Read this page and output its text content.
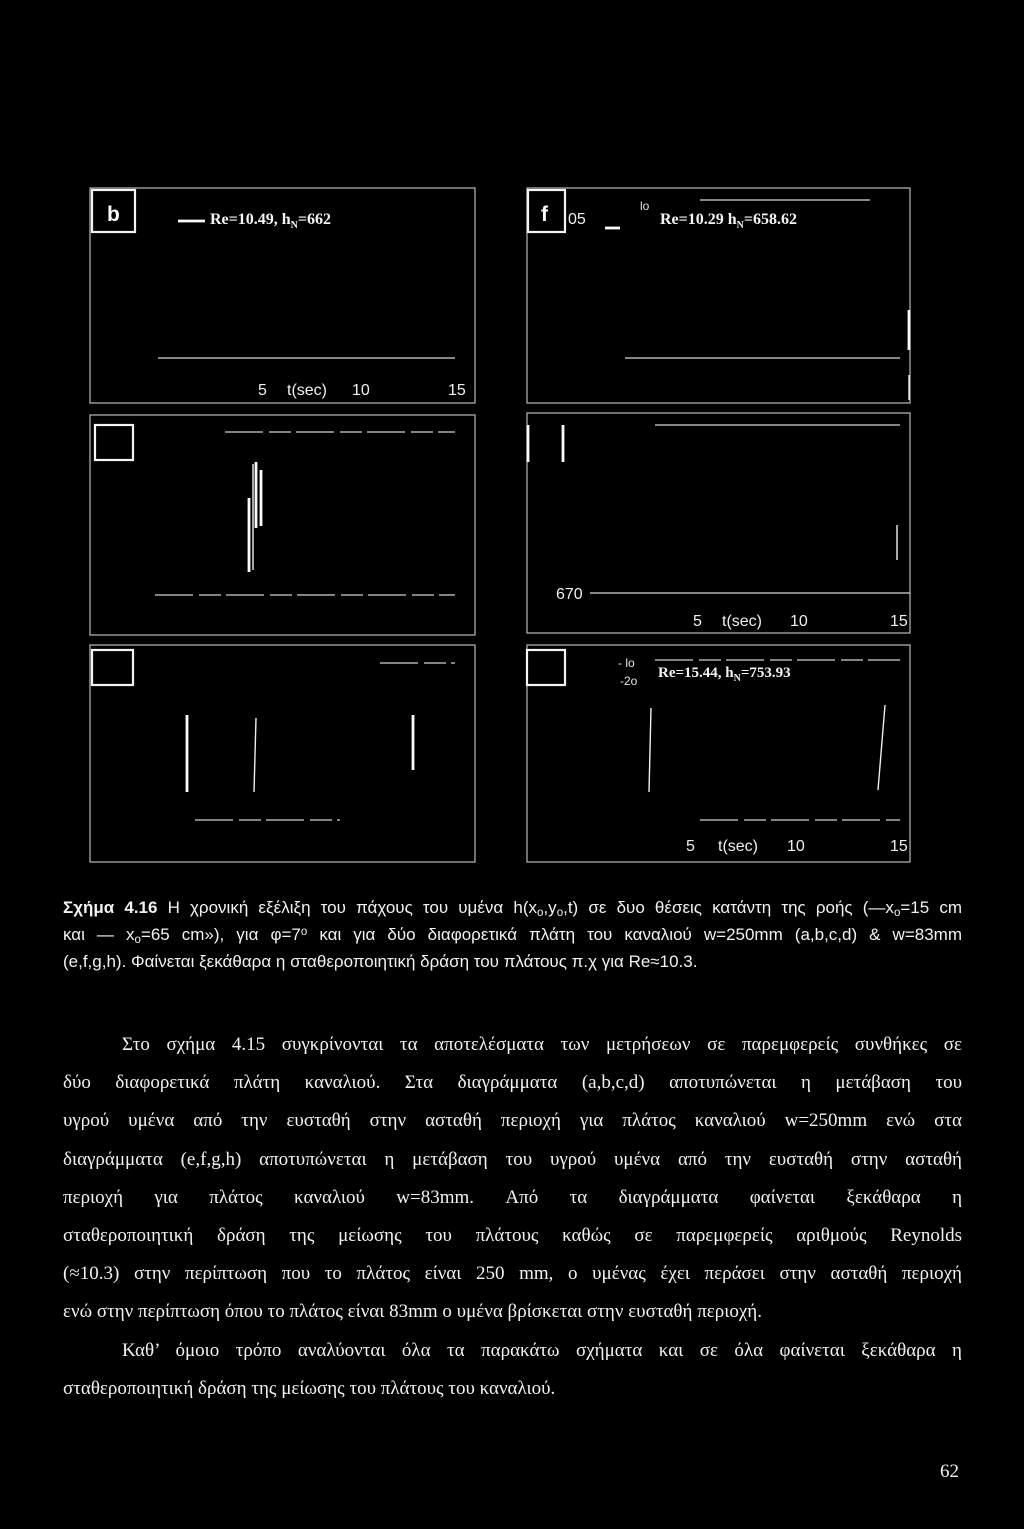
b	Re=10.49, $h_N=662$
5 t(sec) 10	15
f 05
lo
Re=10.29 $h_N=658.62$
670
5 t(sec) 10	15
- lo
-2o Re=15.44, $h_N=753.93$
5 t(sec) 10	15
Σχήμα 4.16 Η χρονική εξέλιξη του πάχους του υμένα h(xo,yo,t) σε δυο θέσεις κατάντη της ροής (—xo=15 cm
και — xo=65 cm»), για $\varphi=7^o$ και για δύο διαφορετικά πλάτη του καναλιού w=250mm (a,b,c,d) & w=83mm
(e,f,g,h). Φαίνεται ξεκάθαρα η σταθεροποιητική δράση του πλάτους π.χ για Re≈10.3.
Στο σχήμα 4.15 συγκρίνονται τα αποτελέσματα των μετρήσεων σε παρεμφερείς συνθήκες σε
δύο διαφορετικά πλάτη καναλιού. Στα διαγράμματα (a,b,c,d) αποτυπώνεται η μετάβαση του
υγρού υμένα από την ευσταθή στην ασταθή περιοχή για πλάτος καναλιού w=250mm ενώ στα
διαγράμματα (e,f,g,h) αποτυπώνεται η μετάβαση του υγρού υμένα από την ευσταθή στην ασταθή
περιοχή για πλάτος καναλιού w=83mm. Από τα διαγράμματα φαίνεται ξεκάθαρα η
σταθεροποιητική δράση της μείωσης του πλάτους καθώς σε παρεμφερείς αριθμούς Reynolds
(≈10.3) στην περίπτωση που το πλάτος είναι 250 mm, ο υμένας έχει περάσει στην ασταθή περιοχή
ενώ στην περίπτωση όπου το πλάτος είναι 83mm ο υμένα βρίσκεται στην ευσταθή περιοχή.
Καθ’ όμοιο τρόπο αναλύονται όλα τα παρακάτω σχήματα και σε όλα φαίνεται ξεκάθαρα η
σταθεροποιητική δράση της μείωσης του πλάτους του καναλιού.
62
